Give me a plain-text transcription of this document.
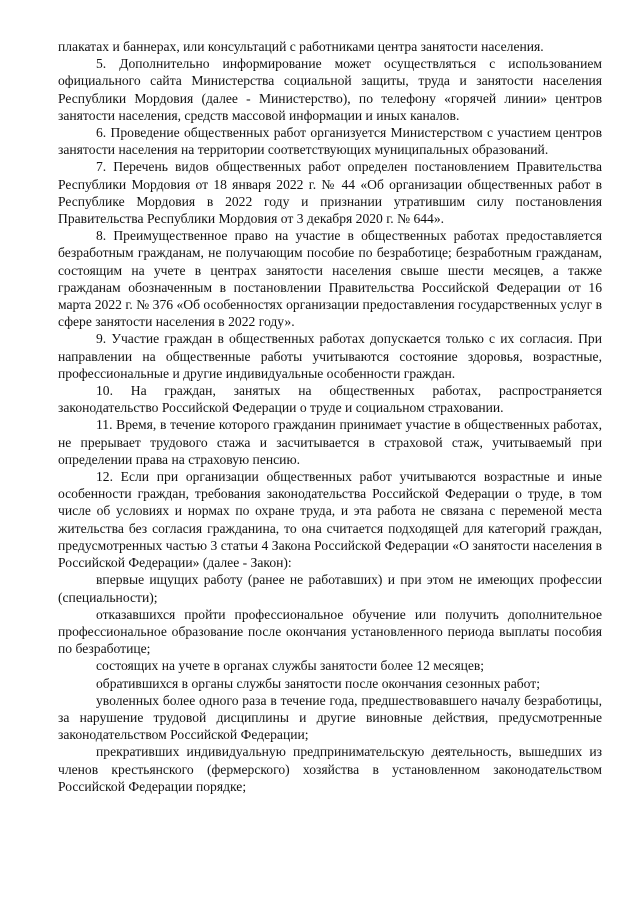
плакатах и баннерах, или консультаций с работниками центра занятости населения.

5. Дополнительно информирование может осуществляться с использованием официального сайта Министерства социальной защиты, труда и занятости населения Республики Мордовия (далее - Министерство), по телефону «горячей линии» центров занятости населения, средств массовой информации и иных каналов.

6. Проведение общественных работ организуется Министерством с участием центров занятости населения на территории соответствующих муниципальных образований.

7. Перечень видов общественных работ определен постановлением Правительства Республики Мордовия от 18 января 2022 г. № 44 «Об организации общественных работ в Республике Мордовия в 2022 году и признании утратившим силу постановления Правительства Республики Мордовия от 3 декабря 2020 г. № 644».

8. Преимущественное право на участие в общественных работах предоставляется безработным гражданам, не получающим пособие по безработице; безработным гражданам, состоящим на учете в центрах занятости населения свыше шести месяцев, а также гражданам обозначенным в постановлении Правительства Российской Федерации от 16 марта 2022 г. № 376 «Об особенностях организации предоставления государственных услуг в сфере занятости населения в 2022 году».

9. Участие граждан в общественных работах допускается только с их согласия. При направлении на общественные работы учитываются состояние здоровья, возрастные, профессиональные и другие индивидуальные особенности граждан.

10. На граждан, занятых на общественных работах, распространяется законодательство Российской Федерации о труде и социальном страховании.

11. Время, в течение которого гражданин принимает участие в общественных работах, не прерывает трудового стажа и засчитывается в страховой стаж, учитываемый при определении права на страховую пенсию.

12. Если при организации общественных работ учитываются возрастные и иные особенности граждан, требования законодательства Российской Федерации о труде, в том числе об условиях и нормах по охране труда, и эта работа не связана с переменой места жительства без согласия гражданина, то она считается подходящей для категорий граждан, предусмотренных частью 3 статьи 4 Закона Российской Федерации «О занятости населения в Российской Федерации» (далее - Закон):

впервые ищущих работу (ранее не работавших) и при этом не имеющих профессии (специальности);

отказавшихся пройти профессиональное обучение или получить дополнительное профессиональное образование после окончания установленного периода выплаты пособия по безработице;

состоящих на учете в органах службы занятости более 12 месяцев;

обратившихся в органы службы занятости после окончания сезонных работ;

уволенных более одного раза в течение года, предшествовавшего началу безработицы, за нарушение трудовой дисциплины и другие виновные действия, предусмотренные законодательством Российской Федерации;

прекративших индивидуальную предпринимательскую деятельность, вышедших из членов крестьянского (фермерского) хозяйства в установленном законодательством Российской Федерации порядке;
